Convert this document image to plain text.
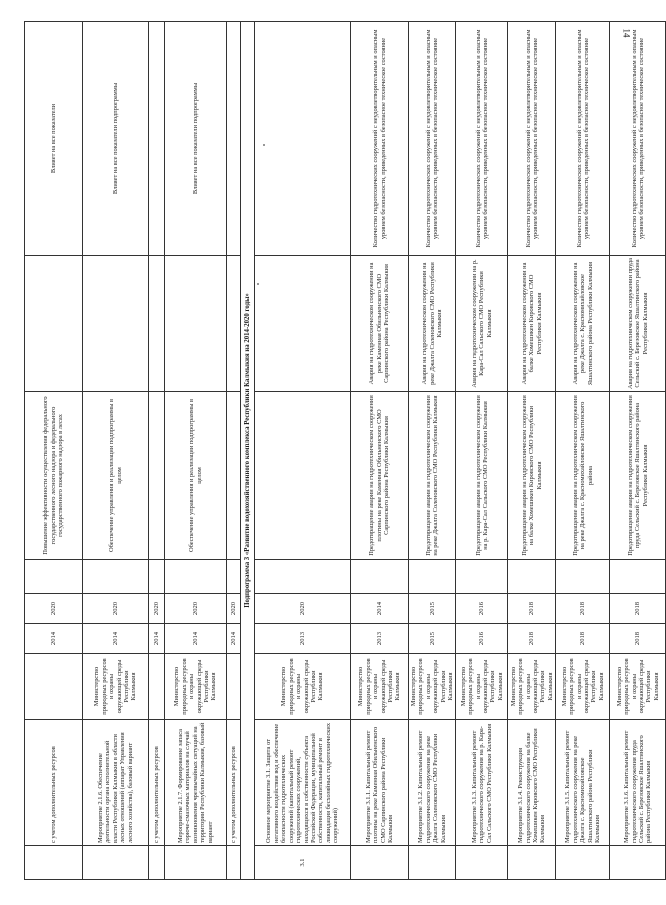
14
	с учетом дополнительных ресурсов		2014	2020		Повышение эффективности осуществления федерального государственного лесного надзора и федерального государственного пожарного надзора в лесах		Влияет на все показатели
	Мероприятие 2.1.6. Обеспечение деятельности органа исполнительной власти Республики Калмыкия в области лесных отношений (аппарат Управления лесного хозяйства), базовый вариант	Министерство природных ресурсов и охраны окружающей среды Республики Калмыкия	2014	2020		Обеспечение управления и реализации подпрограммы в целом		Влияет на все показатели подпрограммы
	с учетом дополнительных ресурсов		2014	2020				
	Мероприятие 2.1.7. Формирование запаса горюче-смазочных материалов на случай возникновения чрезвычайных ситуаций на территории Республики Калмыкия, базовый вариант	Министерство природных ресурсов и охраны окружающей среды Республики Калмыкия	2014	2020		Обеспечение управления и реализации подпрограммы в целом		Влияет на все показатели подпрограммы
	с учетом дополнительных ресурсов		2014	2020				
Подпрограмма 3 «Развитие водохозяйственного комплекса Республики Калмыкия на 2014-2020 годы»								
3.1	Основное мероприятие 3.1. Защита от негативного воздействия вод и обеспечение безопасности гидротехнических сооружений (капитальный ремонт гидротехнических сооружений, находящихся в собственности субъекта Российской Федерации, муниципальной собственности, капитальный ремонт и ликвидация бесхозяйных гидротехнических сооружений)	Министерство природных ресурсов и охраны окружающей среды Республики Калмыкия	2013	2020				
	Мероприятие 3.1.1. Капитальный ремонт плотины на реке Каменная Обильненского СМО Сарпинского района Республики Калмыкия	Министерство природных ресурсов и охраны окружающей среды Республики Калмыкия	2013	2014		Предотвращение аварии на гидротехническом сооружении плотины на реке Каменная Обильненского СМО Сарпинского района Республики Калмыкия	Авария на гидротехническом сооружении на реке Каменная Обильненского СМО Сарпинского района Республики Калмыкия	Количество гидротехнических сооружений с неудовлетворительным и опасным уровнем безопасности, приведенных в безопасное техническое состояние
	Мероприятие 3.1.2. Капитальный ремонт гидротехнического сооружения на реке Джалга Соленовского СМО Республики Калмыкия	Министерство природных ресурсов и охраны окружающей среды Республики Калмыкия	2015	2015		Предотвращение аварии на гидротехническом сооружении на реке Джалга Соленовского СМО Республики Калмыкия	Авария на гидротехническом сооружении на реке Джалга Соленовского СМО Республики Калмыкия	Количество гидротехнических сооружений с неудовлетворительным и опасным уровнем безопасности, приведенных в безопасное техническое состояние
	Мероприятие 3.1.3. Капитальный ремонт гидротехнического сооружения на р. Кара-Сал Сальского СМО Республики Калмыкия	Министерство природных ресурсов и охраны окружающей среды Республики Калмыкия	2016	2016		Предотвращение аварии на гидротехническом сооружении на р. Кара-Сал Сальского СМО Республики Калмыкия	Авария на гидротехническом сооружении на р. Кара-Сал Сальского СМО Республики Калмыкия	Количество гидротехнических сооружений с неудовлетворительным и опасным уровнем безопасности, приведенных в безопасное техническое состояние
	Мероприятие 3.1.4. Реконструкция гидротехнического сооружения на балке Хомешикен Кировского СМО Республики Калмыкия	Министерство природных ресурсов и охраны окружающей среды Республики Калмыкия	2018	2018		Предотвращение аварии на гидротехническом сооружении на балке Хомешикен Кировского СМО Республики Калмыкия	Авария на гидротехническом сооружении на балке Хомешикен Кировского СМО Республики Калмыкия	Количество гидротехнических сооружений с неудовлетворительным и опасным уровнем безопасности, приведенных в безопасное техническое состояние
	Мероприятие 3.1.5. Капитальный ремонт гидротехнического сооружения на реке Джалга с. Красномихайловское Яшалтинского района Республики Калмыкия	Министерство природных ресурсов и охраны окружающей среды Республики Калмыкия	2018	2018		Предотвращение аварии на гидротехническом сооружении на реке Джалга с. Красномихайловское Яшалтинского района	Авария на гидротехническом сооружении на реке Джалга с. Красномихайловское Яшалтинского района Республики Калмыкия	Количество гидротехнических сооружений с неудовлетворительным и опасным уровнем безопасности, приведенных в безопасное техническое состояние
	Мероприятие 3.1.6. Капитальный ремонт гидротехнического сооружения пруда Сельский с. Березовское Яшалтинского района Республики Калмыкия	Министерство природных ресурсов и охраны окружающей среды Республики Калмыкия	2018	2018		Предотвращение аварии на гидротехническом сооружении пруда Сельский с. Березовское Яшалтинского района Республики Калмыкия	Авария на гидротехническом сооружении пруда Сельский с. Березовское Яшалтинского района Республики Калмыкия	Количество гидротехнических сооружений с неудовлетворительным и опасным уровнем безопасности, приведенных в безопасное техническое состояние
